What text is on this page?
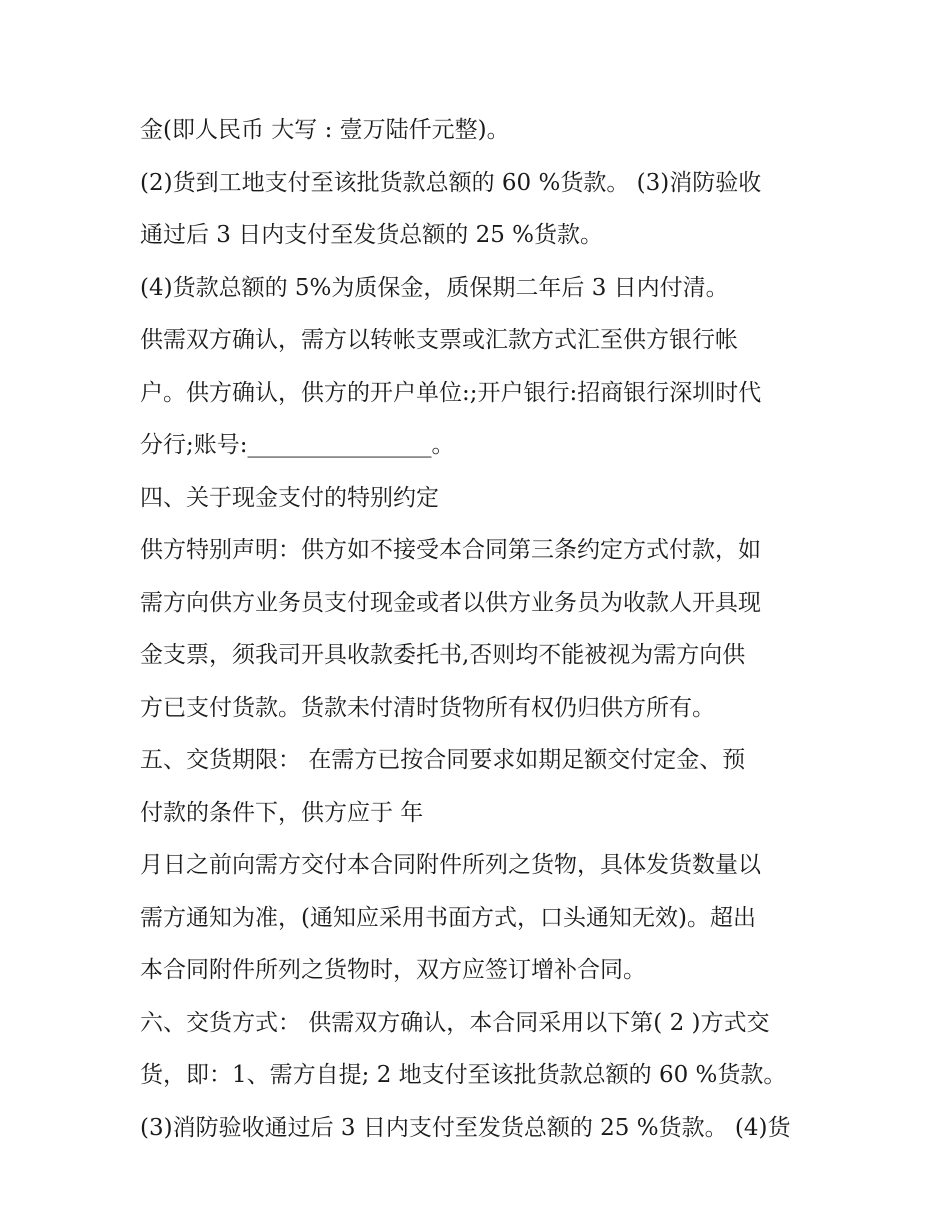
金(即人民币 大写 : 壹万陆仟元整)。
(2)货到工地支付至该批货款总额的 60 %货款。 (3)消防验收
通过后 3 日内支付至发货总额的 25 %货款。
(4)货款总额的 5%为质保金，质保期二年后 3 日内付清。
供需双方确认，需方以转帐支票或汇款方式汇至供方银行帐
户。供方确认，供方的开户单位:;开户银行:招商银行深圳时代
分行;账号:________________。
四、关于现金支付的特别约定
供方特别声明：供方如不接受本合同第三条约定方式付款，如
需方向供方业务员支付现金或者以供方业务员为收款人开具现
金支票，须我司开具收款委托书,否则均不能被视为需方向供
方已支付货款。货款未付清时货物所有权仍归供方所有。
五、交货期限： 在需方已按合同要求如期足额交付定金、预
付款的条件下，供方应于 年
月日之前向需方交付本合同附件所列之货物，具体发货数量以
需方通知为准，(通知应采用书面方式，口头通知无效)。超出
本合同附件所列之货物时，双方应签订增补合同。
六、交货方式： 供需双方确认，本合同采用以下第( 2 )方式交
货，即：1、需方自提; 2 地支付至该批货款总额的 60 %货款。
(3)消防验收通过后 3 日内支付至发货总额的 25 %货款。 (4)货
